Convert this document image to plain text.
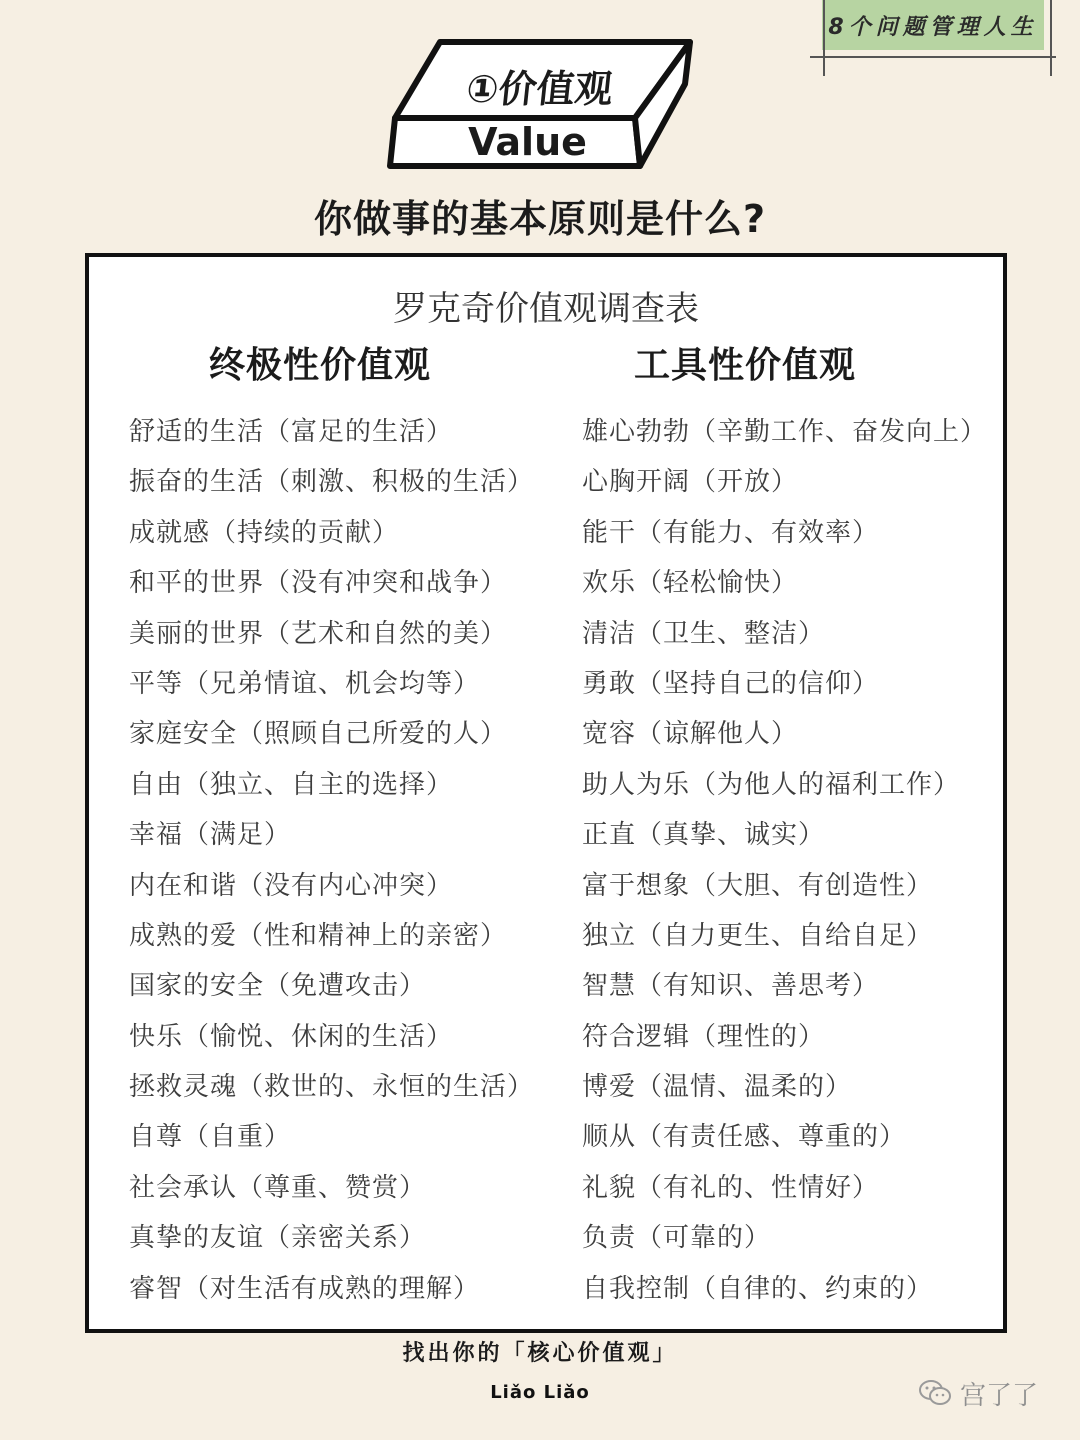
8个问题管理人生
①价值观
Value
你做事的基本原则是什么?
罗克奇价值观调查表
终极性价值观	工具性价值观
舒适的生活（富足的生活）
振奋的生活（刺激、积极的生活）
成就感（持续的贡献）
和平的世界（没有冲突和战争）
美丽的世界（艺术和自然的美）
平等（兄弟情谊、机会均等）
家庭安全（照顾自己所爱的人）
自由（独立、自主的选择）
幸福（满足）
内在和谐（没有内心冲突）
成熟的爱（性和精神上的亲密）
国家的安全（免遭攻击）
快乐（愉悦、休闲的生活）
拯救灵魂（救世的、永恒的生活）
自尊（自重）
社会承认（尊重、赞赏）
真挚的友谊（亲密关系）
睿智（对生活有成熟的理解）
雄心勃勃（辛勤工作、奋发向上）
心胸开阔（开放）
能干（有能力、有效率）
欢乐（轻松愉快）
清洁（卫生、整洁）
勇敢（坚持自己的信仰）
宽容（谅解他人）
助人为乐（为他人的福利工作）
正直（真挚、诚实）
富于想象（大胆、有创造性）
独立（自力更生、自给自足）
智慧（有知识、善思考）
符合逻辑（理性的）
博爱（温情、温柔的）
顺从（有责任感、尊重的）
礼貌（有礼的、性情好）
负责（可靠的）
自我控制（自律的、约束的）
找出你的「核心价值观」
Liǎo Liǎo	宫了了
